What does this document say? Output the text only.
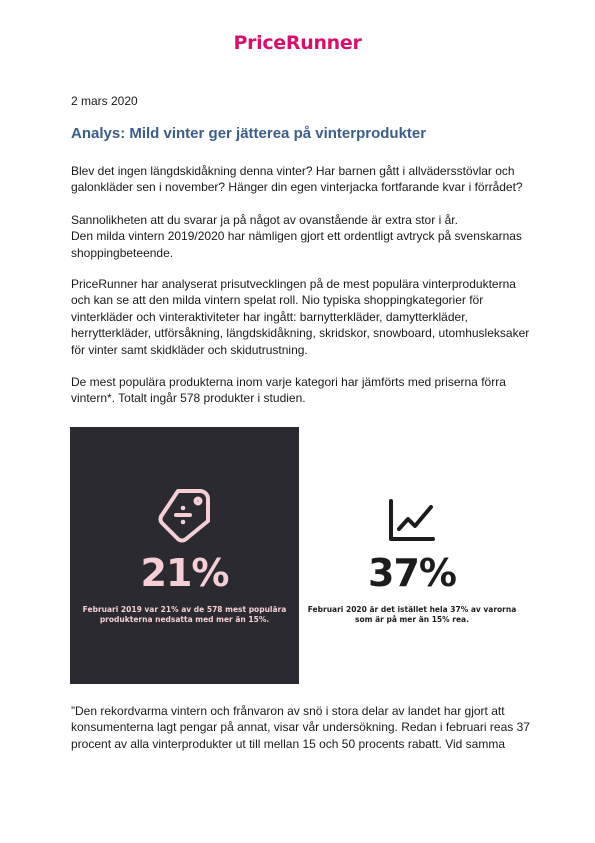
PriceRunner
2 mars 2020
Analys: Mild vinter ger jätterea på vinterprodukter

Blev det ingen längdskidåkning denna vinter? Har barnen gått i allvädersstövlar och galonkläder sen i november? Hänger din egen vinterjacka fortfarande kvar i förrådet?

Sannolikheten att du svarar ja på något av ovanstående är extra stor i år.
Den milda vintern 2019/2020 har nämligen gjort ett ordentligt avtryck på svenskarnas shoppingbeteende.

PriceRunner har analyserat prisutvecklingen på de mest populära vinterprodukterna och kan se att den milda vintern spelat roll. Nio typiska shoppingkategorier för vinterkläder och vinteraktiviteter har ingått: barnytterkläder, damytterkläder, herrytterkläder, utförsåkning, längdskidåkning, skridskor, snowboard, utomhusleksaker för vinter samt skidkläder och skidutrustning.

De mest populära produkterna inom varje kategori har jämförts med priserna förra vintern*. Totalt ingår 578 produkter i studien.

21%
Februari 2019 var 21% av de 578 mest populära
produkterna nedsatta med mer än 15%.
37%
Februari 2020 är det istället hela 37% av varorna
som är på mer än 15% rea.

”Den rekordvarma vintern och frånvaron av snö i stora delar av landet har gjort att konsumenterna lagt pengar på annat, visar vår undersökning. Redan i februari reas 37 procent av alla vinterprodukter ut till mellan 15 och 50 procents rabatt. Vid samma
